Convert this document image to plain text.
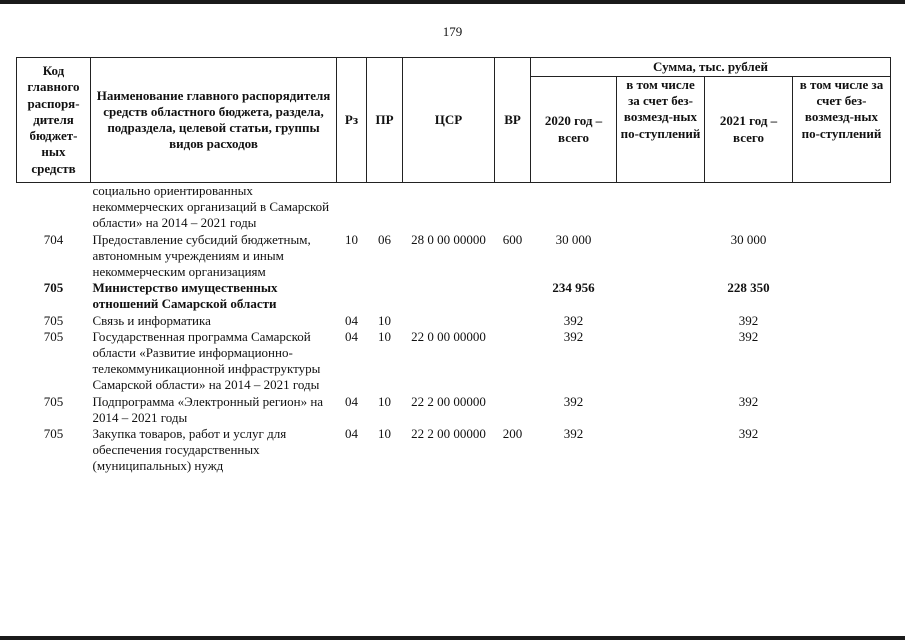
179
Код главного распоря-дителя бюджет-ных средств	Наименование главного распорядителя средств областного бюджета, раздела, подраздела, целевой статьи, группы видов расходов	Рз	ПР	ЦСР	ВР	Сумма, тыс. рублей			
						2020 год – всего	в том числе за счет без-возмезд-ных по-ступлений	2021 год – всего	в том числе за счет без-возмезд-ных по-ступлений
	социально ориентированных некоммерческих организаций в Самарской области» на 2014 – 2021 годы								
704	Предоставление субсидий бюджетным, автономным учреждениям и иным некоммерческим организациям	10	06	28 0 00 00000	600	30 000		30 000	
705	Министерство имущественных отношений Самарской области					234 956		228 350	
705	Связь и информатика	04	10			392		392	
705	Государственная программа Самарской области «Развитие информационно-телекоммуникационной инфраструктуры Самарской области» на 2014 – 2021 годы	04	10	22 0 00 00000		392		392	
705	Подпрограмма «Электронный регион» на 2014 – 2021 годы	04	10	22 2 00 00000		392		392	
705	Закупка товаров, работ и услуг для обеспечения государственных (муниципальных) нужд	04	10	22 2 00 00000	200	392		392	
